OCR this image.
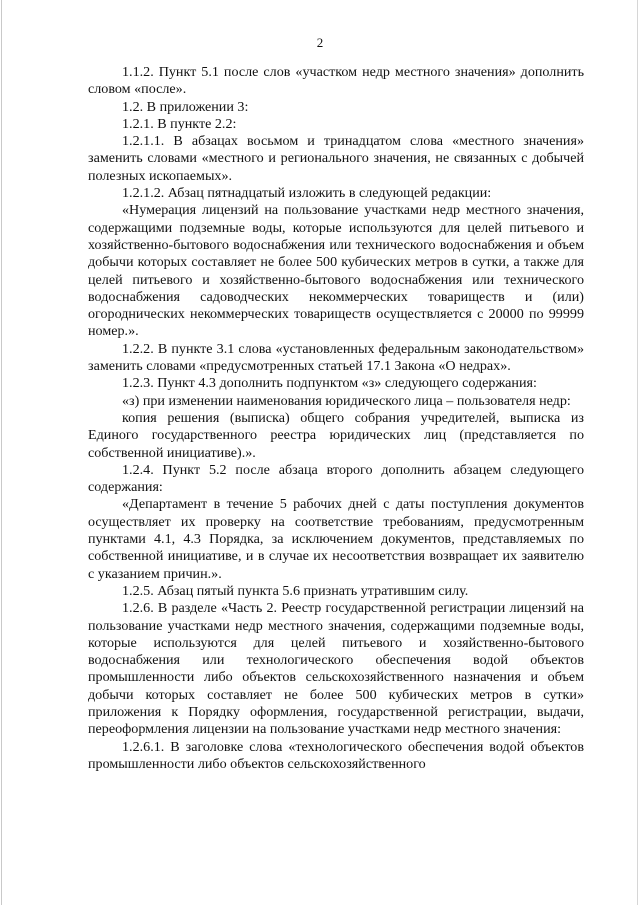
2

1.1.2. Пункт 5.1 после слов «участком недр местного значения» дополнить словом «после».

1.2. В приложении 3:

1.2.1. В пункте 2.2:

1.2.1.1. В абзацах восьмом и тринадцатом слова «местного значения» заменить словами «местного и регионального значения, не связанных с добычей полезных ископаемых».

1.2.1.2. Абзац пятнадцатый изложить в следующей редакции:

«Нумерация лицензий на пользование участками недр местного значения, содержащими подземные воды, которые используются для целей питьевого и хозяйственно-бытового водоснабжения или технического водоснабжения и объем добычи которых составляет не более 500 кубических метров в сутки, а также для целей питьевого и хозяйственно-бытового водоснабжения или технического водоснабжения садоводческих некоммерческих товариществ и (или) огороднических некоммерческих товариществ осуществляется с 20000 по 99999 номер.».

1.2.2. В пункте 3.1 слова «установленных федеральным законодательством» заменить словами «предусмотренных статьей 17.1 Закона «О недрах».

1.2.3. Пункт 4.3 дополнить подпунктом «з» следующего содержания:

«з) при изменении наименования юридического лица – пользователя недр:

копия решения (выписка) общего собрания учредителей, выписка из Единого государственного реестра юридических лиц (представляется по собственной инициативе).».

1.2.4. Пункт 5.2 после абзаца второго дополнить абзацем следующего содержания:

«Департамент в течение 5 рабочих дней с даты поступления документов осуществляет их проверку на соответствие требованиям, предусмотренным пунктами 4.1, 4.3 Порядка, за исключением документов, представляемых по собственной инициативе, и в случае их несоответствия возвращает их заявителю с указанием причин.».

1.2.5. Абзац пятый пункта 5.6 признать утратившим силу.

1.2.6. В разделе «Часть 2. Реестр государственной регистрации лицензий на пользование участками недр местного значения, содержащими подземные воды, которые используются для целей питьевого и хозяйственно-бытового водоснабжения или технологического обеспечения водой объектов промышленности либо объектов сельскохозяйственного назначения и объем добычи которых составляет не более 500 кубических метров в сутки» приложения к Порядку оформления, государственной регистрации, выдачи, переоформления лицензии на пользование участками недр местного значения:

1.2.6.1. В заголовке слова «технологического обеспечения водой объектов промышленности либо объектов сельскохозяйственного
